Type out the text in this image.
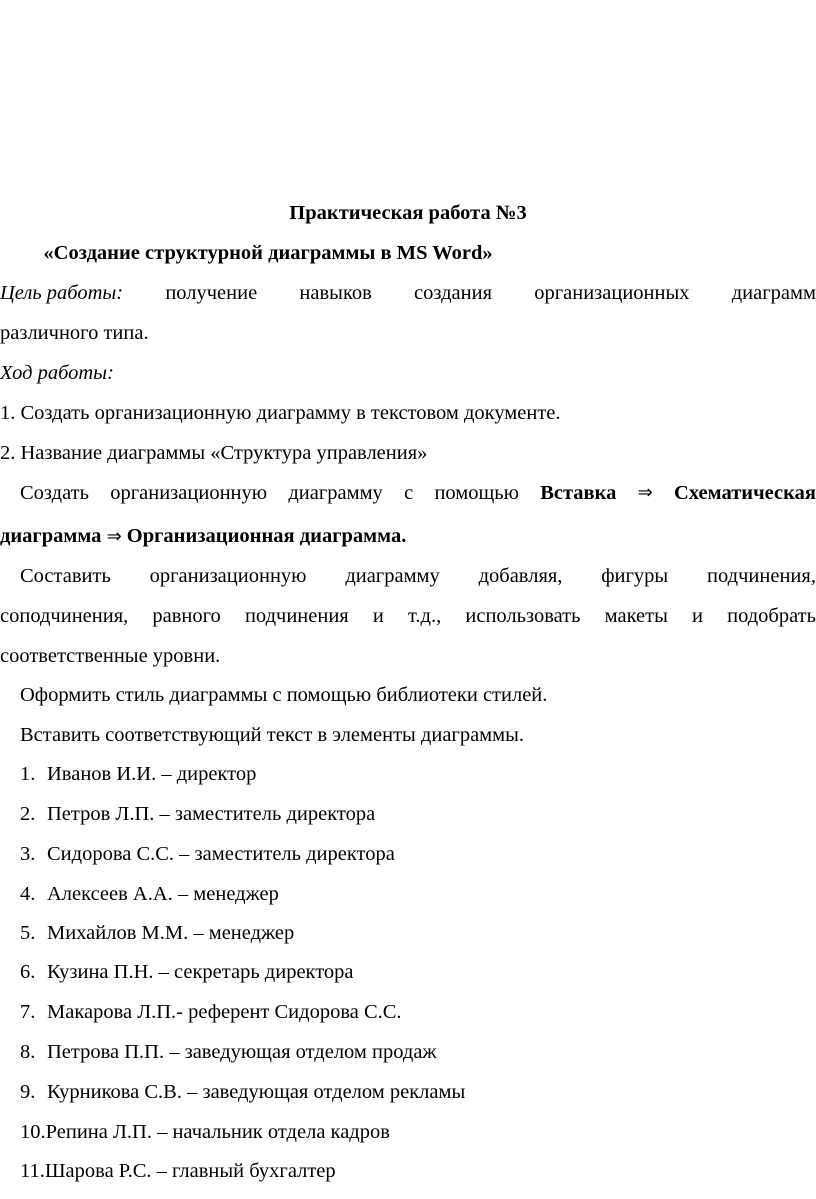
Практическая работа №3
«Создание структурной диаграммы в MS Word»
Цель работы: получение навыков создания организационных диаграмм
различного типа.
Ход работы:
1. Создать организационную диаграмму в текстовом документе.
2. Название диаграммы «Структура управления»
Создать организационную диаграмму с помощью Вставка ⇒ Схематическая
диаграмма ⇒ Организационная диаграмма.
Составить организационную диаграмму добавляя, фигуры подчинения,
соподчинения, равного подчинения и т.д., использовать макеты и подобрать
соответственные уровни.
Оформить стиль диаграммы с помощью библиотеки стилей.
Вставить соответствующий текст в элементы диаграммы.
1. Иванов И.И. – директор
2. Петров Л.П. – заместитель директора
3. Сидорова С.С. – заместитель директора
4. Алексеев А.А. – менеджер
5. Михайлов М.М. – менеджер
6. Кузина П.Н. – секретарь директора
7. Макарова Л.П.- референт Сидорова С.С.
8. Петрова П.П. – заведующая отделом продаж
9. Курникова С.В. – заведующая отделом рекламы
10.Репина Л.П. – начальник отдела кадров
11.Шарова Р.С. – главный бухгалтер
